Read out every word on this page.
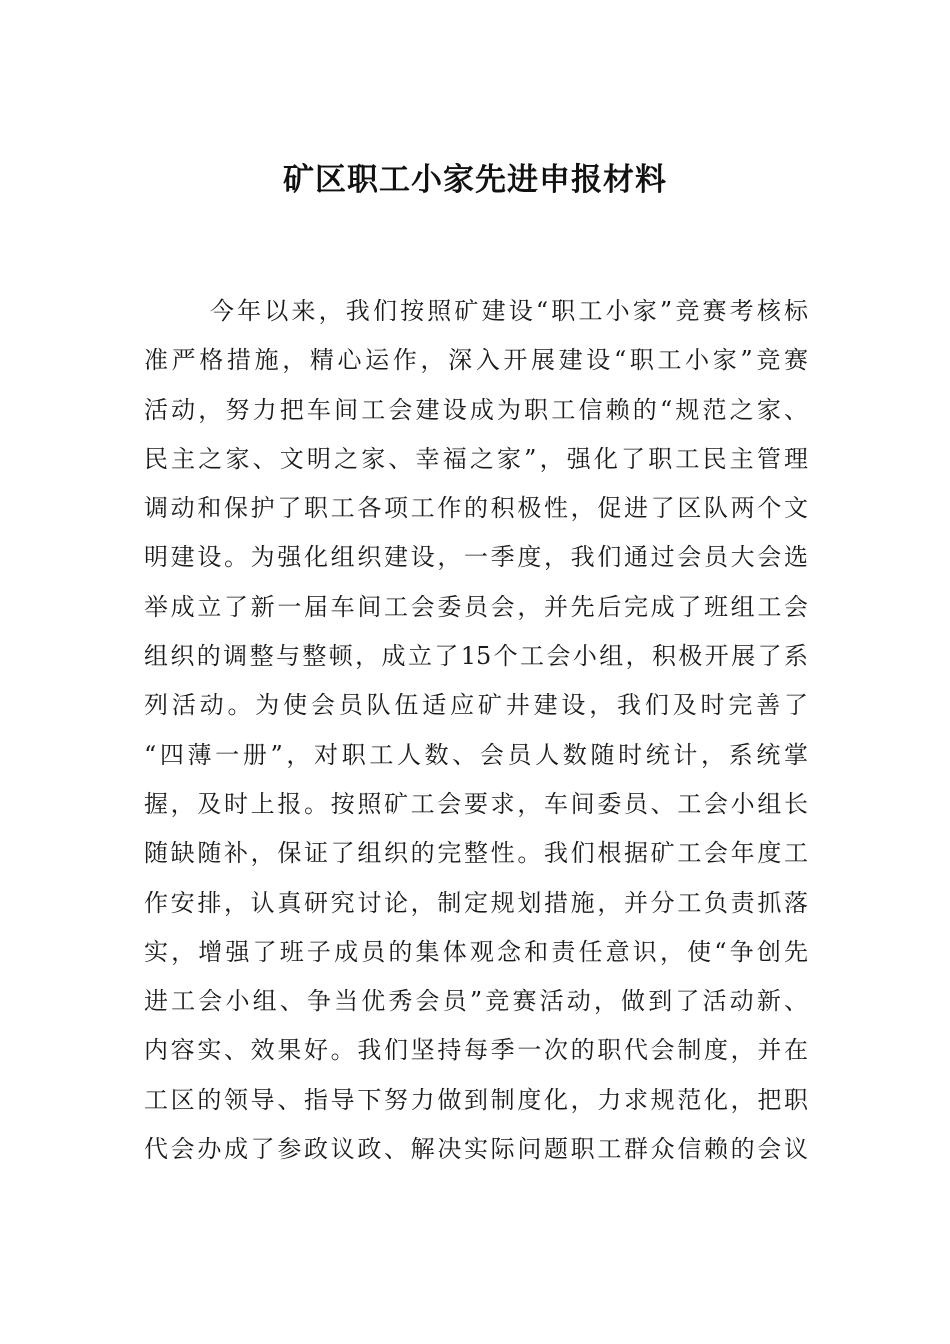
矿区职工小家先进申报材料
今年以来，我们按照矿建设“职工小家”竞赛考核标
准严格措施，精心运作，深入开展建设“职工小家”竞赛
活动，努力把车间工会建设成为职工信赖的“规范之家、
民主之家、文明之家、幸福之家”，强化了职工民主管理
调动和保护了职工各项工作的积极性，促进了区队两个文
明建设。为强化组织建设，一季度，我们通过会员大会选
举成立了新一届车间工会委员会，并先后完成了班组工会
组织的调整与整顿，成立了15个工会小组，积极开展了系
列活动。为使会员队伍适应矿井建设，我们及时完善了
“四薄一册”，对职工人数、会员人数随时统计，系统掌
握，及时上报。按照矿工会要求，车间委员、工会小组长
随缺随补，保证了组织的完整性。我们根据矿工会年度工
作安排，认真研究讨论，制定规划措施，并分工负责抓落
实，增强了班子成员的集体观念和责任意识，使“争创先
进工会小组、争当优秀会员”竞赛活动，做到了活动新、
内容实、效果好。我们坚持每季一次的职代会制度，并在
工区的领导、指导下努力做到制度化，力求规范化，把职
代会办成了参政议政、解决实际问题职工群众信赖的会议
